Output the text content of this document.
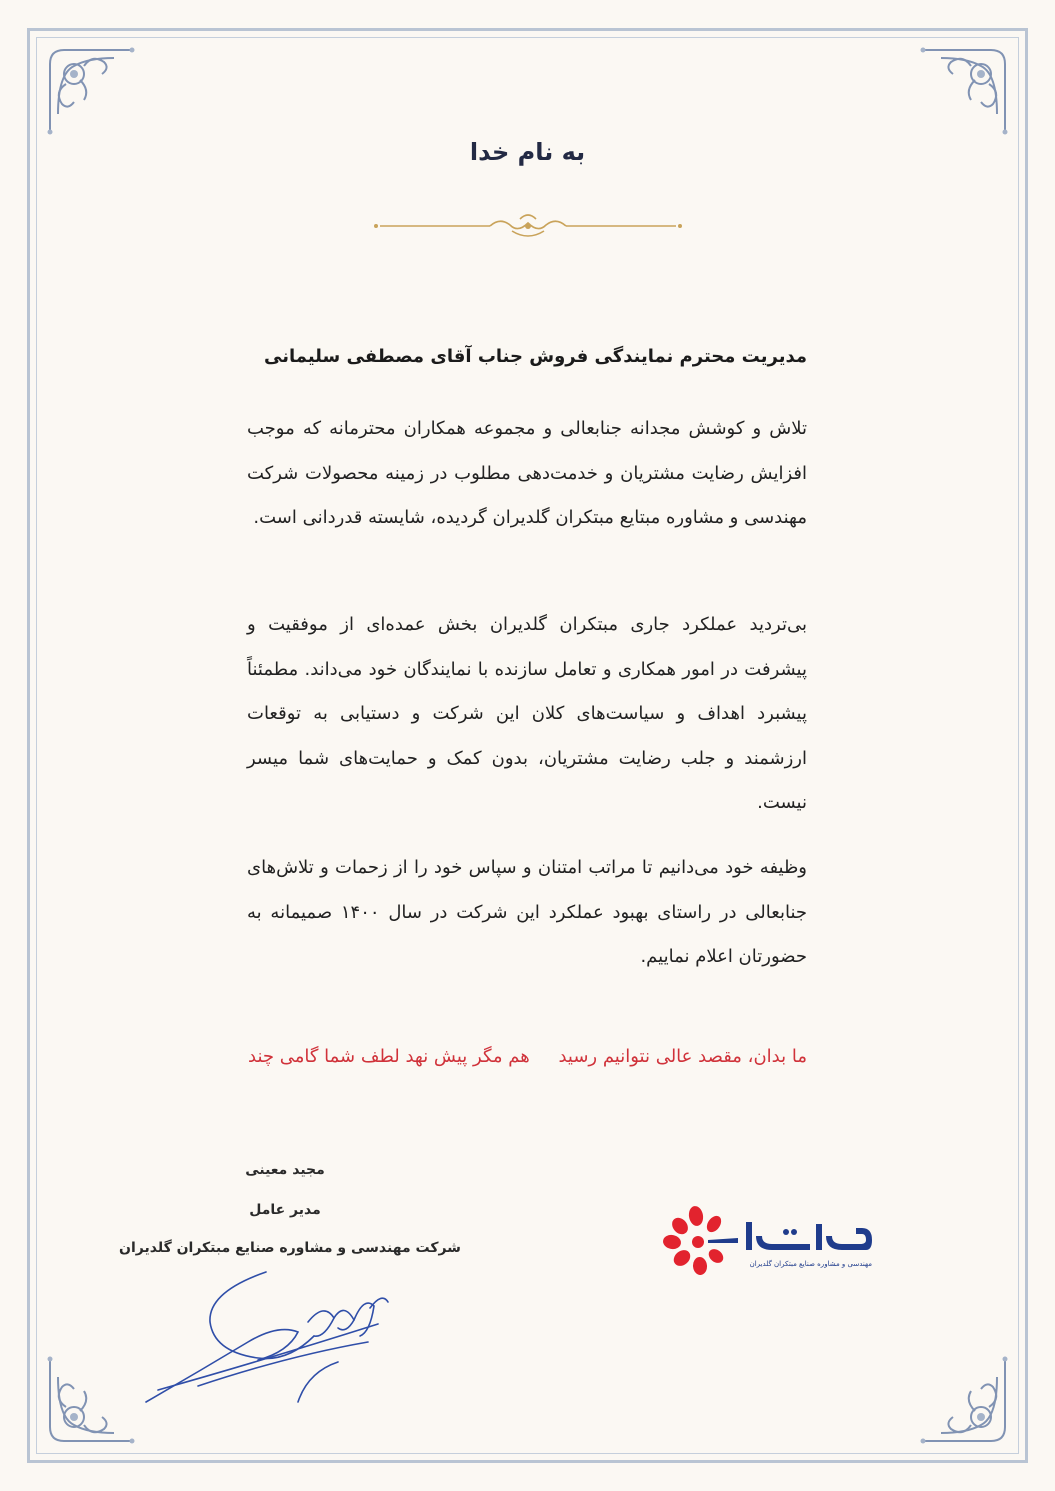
به نام خدا
مدیریت محترم نمایندگی فروش جناب آقای مصطفی سلیمانی
تلاش و کوشش مجدانه جنابعالی و مجموعه همکاران محترمانه که موجب افزایش رضایت مشتریان و خدمت‌دهی مطلوب در زمینه محصولات شرکت مهندسی و مشاوره مبتایع مبتکران گلدیران گردیده، شایسته قدردانی است.
بی‌تردید عملکرد جاری مبتکران گلدیران بخش عمده‌ای از موفقیت و پیشرفت در امور همکاری و تعامل سازنده با نمایندگان خود می‌داند. مطمئناً پیشبرد اهداف و سیاست‌های کلان این شرکت و دستیابی به توقعات ارزشمند و جلب رضایت مشتریان، بدون کمک و حمایت‌های شما میسر نیست.
وظیفه خود می‌دانیم تا مراتب امتنان و سپاس خود را از زحمات و تلاش‌های جنابعالی در راستای بهبود عملکرد این شرکت در سال ۱۴۰۰ صمیمانه به حضورتان اعلام نماییم.
ما بدان، مقصد عالی نتوانیم رسید
هم مگر پیش نهد لطف شما گامی چند
مجید معینی
مدیر عامل
شرکت مهندسی و مشاوره صنایع مبتکران گلدیران
مهندسی و مشاوره صنایع مبتکران گلدیران
